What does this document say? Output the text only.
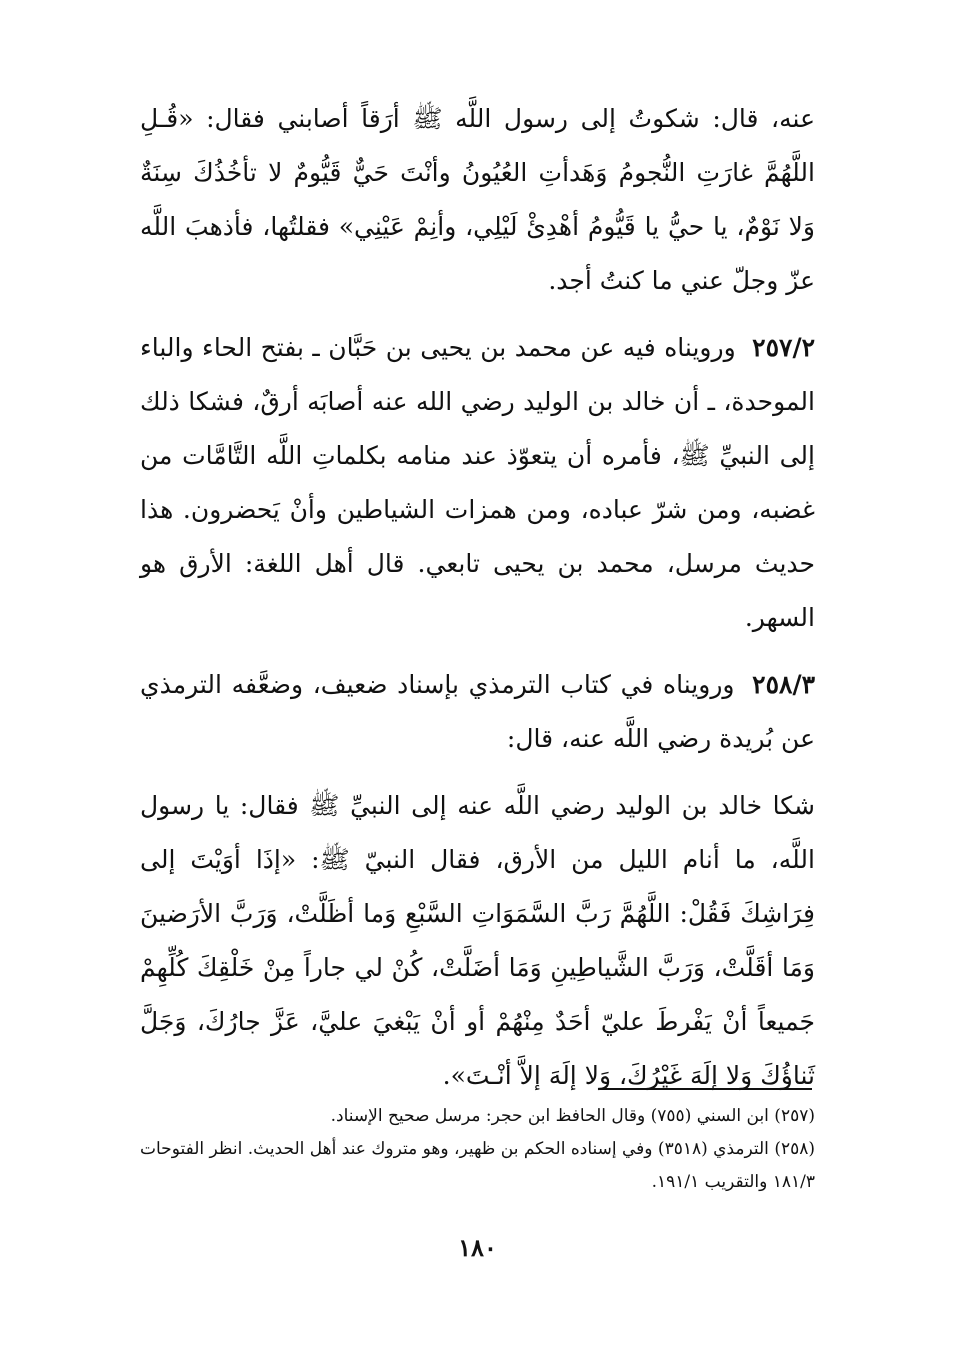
عنه، قال: شكوتُ إلى رسول اللَّه ﷺ أرَقاً أصابني فقال: «قُـلِ اللَّهُمَّ غارَتِ النُّجومُ وَهَدأتِ العُيُونُ وأنْتَ حَيٌّ قَيُّومٌ لا تأخُذُكَ سِنَةٌ وَلا نَوْمٌ، يا حيُّ يا قَيُّومُ أهْدِئْ لَيْلِي، وأنِمْ عَيْنِي» فقلتُها، فأذهبَ اللَّه عزّ وجلّ عني ما كنتُ أجد.

٢٥٧/٢ ورويناه فيه عن محمد بن يحيى بن حَبَّان ـ بفتح الحاء والباء الموحدة، ـ أن خالد بن الوليد رضي الله عنه أصابَه أرقٌ، فشكا ذلك إلى النبيِّ ﷺ، فأمره أن يتعوّذ عند منامه بكلماتِ اللَّه التَّامَّات من غضبه، ومن شرّ عباده، ومن همزات الشياطين وأنْ يَحضرون. هذا حديث مرسل، محمد بن يحيى تابعي. قال أهل اللغة: الأرق هو السهر.

٢٥٨/٣ ورويناه في كتاب الترمذي بإسناد ضعيف، وضعَّفه الترمذي عن بُريدة رضي اللَّه عنه، قال:

شكا خالد بن الوليد رضي اللَّه عنه إلى النبيِّ ﷺ فقال: يا رسول اللَّه، ما أنام الليل من الأرق، فقال النبيّ ﷺ: «إذَا أوَيْتَ إلى فِرَاشِكَ فَقُلْ: اللَّهُمَّ رَبَّ السَّمَوَاتِ السَّبْعِ وَما أظَلَّتْ، وَرَبَّ الأرَضينَ وَمَا أقَلَّتْ، وَرَبَّ الشَّياطِينِ وَمَا أضَلَّتْ، كُنْ لي جاراً مِنْ خَلْقِكَ كُلِّهِمْ جَميعاً أنْ يَفْرطَ عليّ أحَدٌ مِنْهُمْ أو أنْ يَبْغيَ عليَّ، عَزَّ جارُكَ، وَجَلَّ ثَناؤُكَ وَلا إلَهَ غَيْرُكَ، وَلا إلَهَ إلاَّ أنْـتَ».

(٢٥٧) ابن السني (٧٥٥) وقال الحافظ ابن حجر: مرسل صحيح الإسناد.

(٢٥٨) الترمذي (٣٥١٨) وفي إسناده الحكم بن ظهير، وهو متروك عند أهل الحديث. انظر الفتوحات ١٨١/٣ والتقريب ١٩١/١.

١٨٠
